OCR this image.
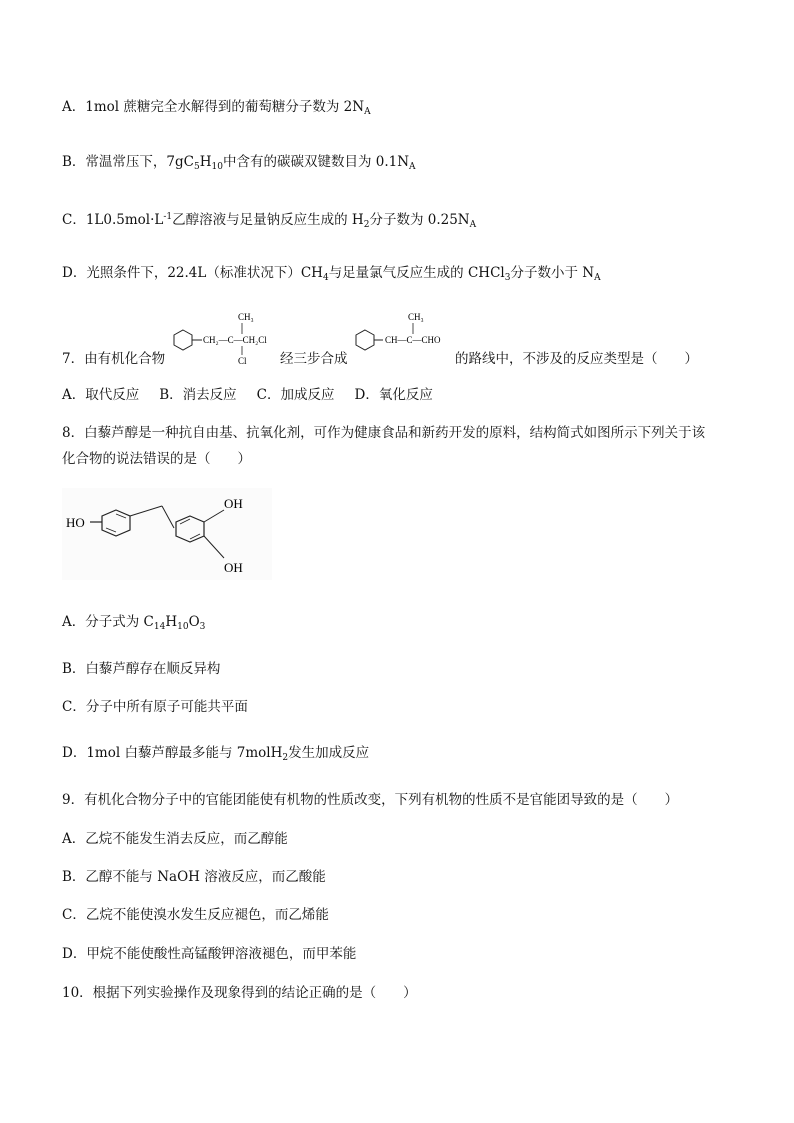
A．1mol 蔗糖完全水解得到的葡萄糖分子数为 $2N_A$
B．常温常压下，$7gC_5H_{10}$中含有的碳碳双键数目为 $0.1N_A$
C．$1L0.5mol\cdot L^{-1}$乙醇溶液与足量钠反应生成的 $H_2$分子数为 $0.25N_A$
D．光照条件下，22.4L（标准状况下）$CH_4$与足量氯气反应生成的 CHCl$_3$分子数小于 $N_A$
7．由有机化合物
CH₃
CH₂—C—CH₂Cl
Cl 经三步合成
CH₃
CH—C—CHO
的路线中，不涉及的反应类型是（　　）
A．取代反应 B．消去反应 C．加成反应 D．氧化反应
8．白藜芦醇是一种抗自由基、抗氧化剂，可作为健康食品和新药开发的原料，结构简式如图所示下列关于该
化合物的说法错误的是（　　）
HO
OH
OH
A．分子式为 $C_{14}H_{10}O_3$
B．白藜芦醇存在顺反异构
C．分子中所有原子可能共平面
D．1mol 白藜芦醇最多能与 7molH$_2$发生加成反应
9．有机化合物分子中的官能团能使有机物的性质改变，下列有机物的性质不是官能团导致的是（　　）
A．乙烷不能发生消去反应，而乙醇能
B．乙醇不能与 NaOH 溶液反应，而乙酸能
C．乙烷不能使溴水发生反应褪色，而乙烯能
D．甲烷不能使酸性高锰酸钾溶液褪色，而甲苯能
10．根据下列实验操作及现象得到的结论正确的是（　　）
